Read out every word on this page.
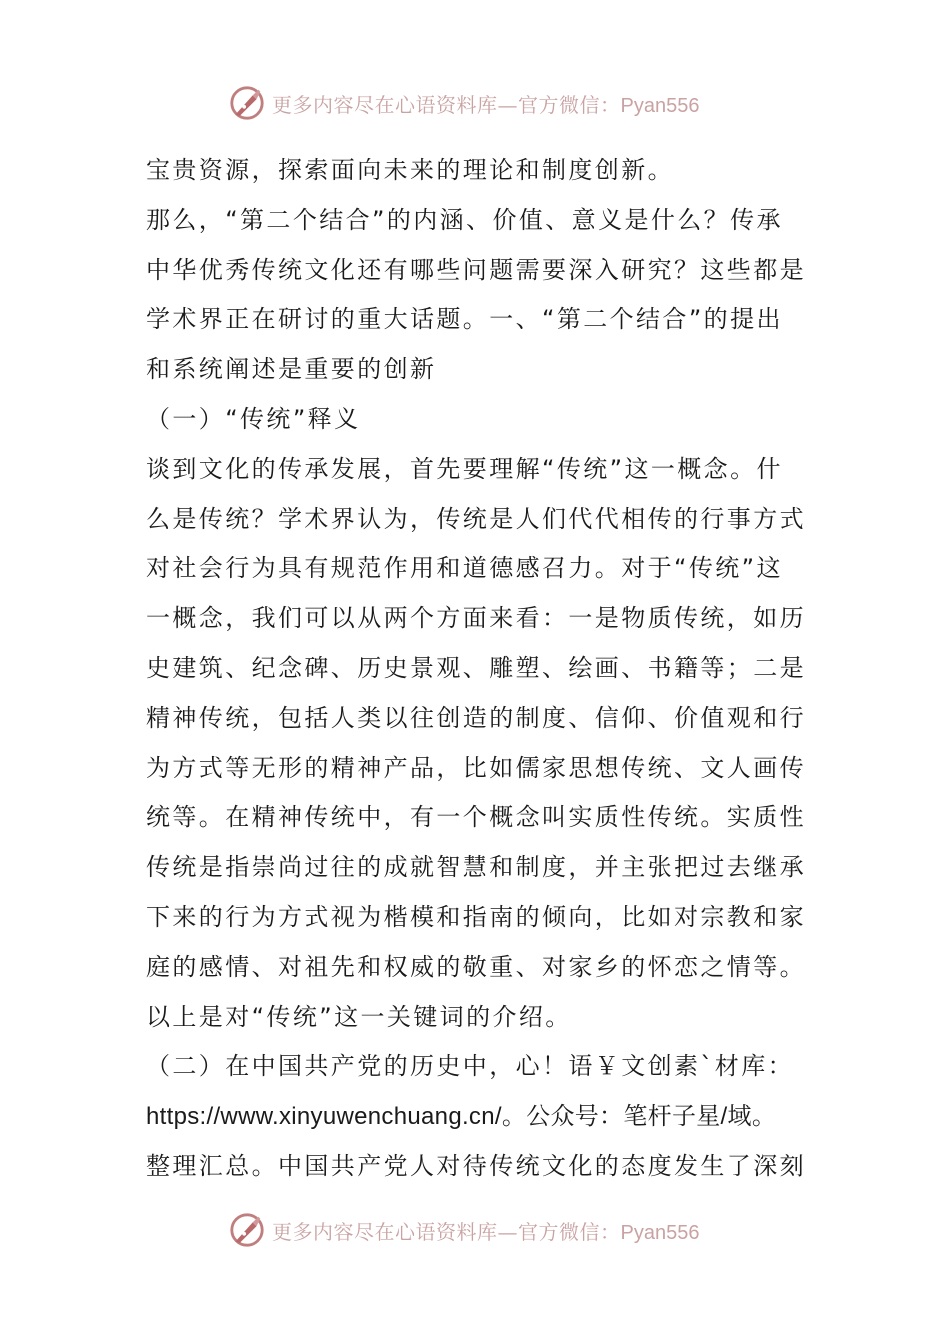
更多内容尽在心语资料库—官方微信：Pyan556
宝贵资源，探索面向未来的理论和制度创新。
那么，“第二个结合”的内涵、价值、意义是什么？传承
中华优秀传统文化还有哪些问题需要深入研究？这些都是
学术界正在研讨的重大话题。一、“第二个结合”的提出
和系统阐述是重要的创新
（一）“传统”释义
谈到文化的传承发展，首先要理解“传统”这一概念。什
么是传统？学术界认为，传统是人们代代相传的行事方式
对社会行为具有规范作用和道德感召力。对于“传统”这
一概念，我们可以从两个方面来看：一是物质传统，如历
史建筑、纪念碑、历史景观、雕塑、绘画、书籍等；二是
精神传统，包括人类以往创造的制度、信仰、价值观和行
为方式等无形的精神产品，比如儒家思想传统、文人画传
统等。在精神传统中，有一个概念叫实质性传统。实质性
传统是指崇尚过往的成就智慧和制度，并主张把过去继承
下来的行为方式视为楷模和指南的倾向，比如对宗教和家
庭的感情、对祖先和权威的敬重、对家乡的怀恋之情等。
以上是对“传统”这一关键词的介绍。
（二）在中国共产党的历史中，心！语￥文创素`材库：
https://www.xinyuwenchuang.cn/。公众号：笔杆子星/域。
整理汇总。中国共产党人对待传统文化的态度发生了深刻
更多内容尽在心语资料库—官方微信：Pyan556
